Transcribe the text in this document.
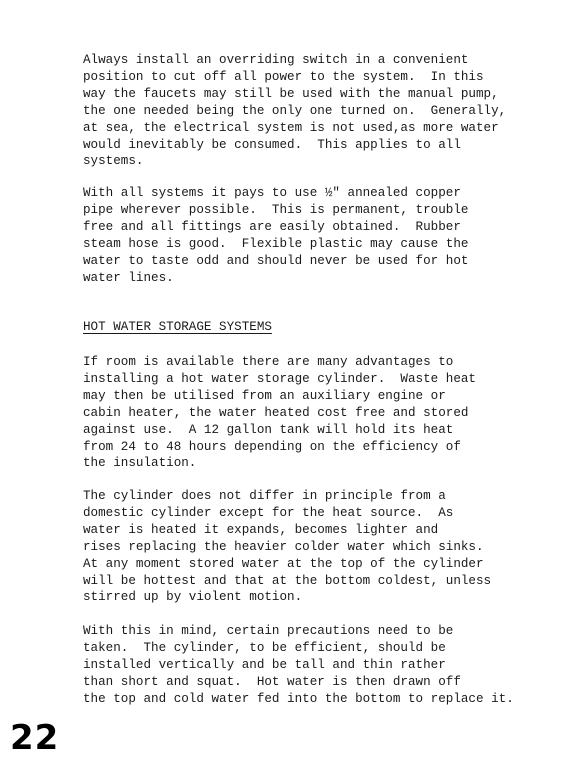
Always install an overriding switch in a convenient
position to cut off all power to the system.  In this
way the faucets may still be used with the manual pump,
the one needed being the only one turned on.  Generally,
at sea, the electrical system is not used,as more water
would inevitably be consumed.  This applies to all
systems.

With all systems it pays to use ½" annealed copper
pipe wherever possible.  This is permanent, trouble
free and all fittings are easily obtained.  Rubber
steam hose is good.  Flexible plastic may cause the
water to taste odd and should never be used for hot
water lines.

HOT WATER STORAGE SYSTEMS

If room is available there are many advantages to
installing a hot water storage cylinder.  Waste heat
may then be utilised from an auxiliary engine or
cabin heater, the water heated cost free and stored
against use.  A 12 gallon tank will hold its heat
from 24 to 48 hours depending on the efficiency of
the insulation.

The cylinder does not differ in principle from a
domestic cylinder except for the heat source.  As
water is heated it expands, becomes lighter and
rises replacing the heavier colder water which sinks.
At any moment stored water at the top of the cylinder
will be hottest and that at the bottom coldest, unless
stirred up by violent motion.

With this in mind, certain precautions need to be
taken.  The cylinder, to be efficient, should be
installed vertically and be tall and thin rather
than short and squat.  Hot water is then drawn off
the top and cold water fed into the bottom to replace it.

22
